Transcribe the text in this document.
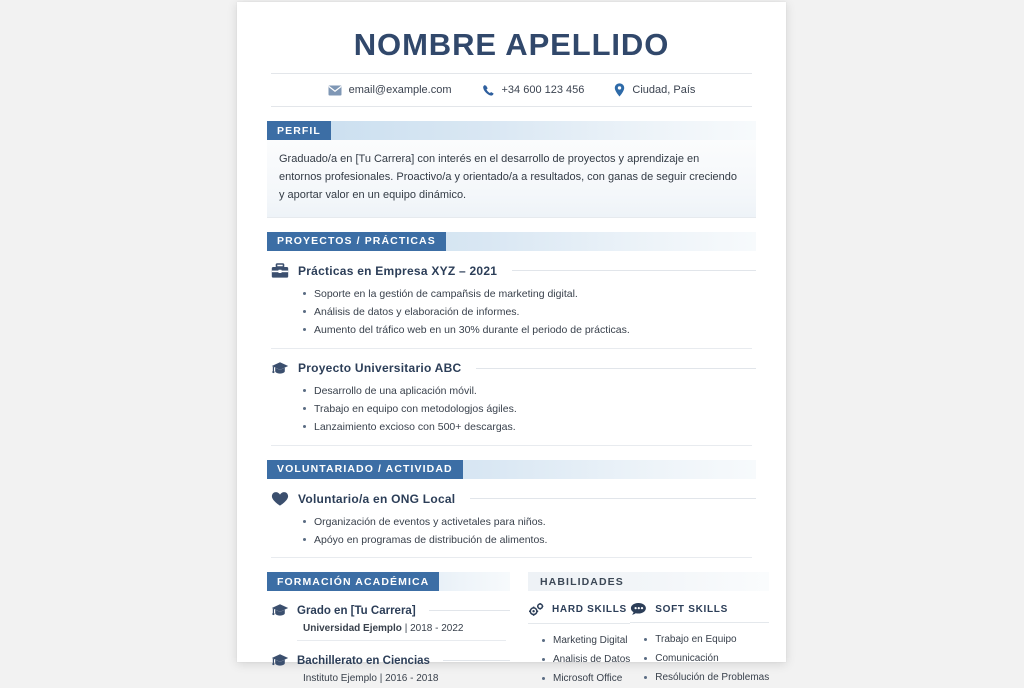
NOMBRE APELLIDO
email@example.com	+34 600 123 456	Ciudad, País
PERFIL
Graduado/a en [Tu Carrera] con interés en el desarrollo de proyectos y aprendizaje en entornos profesionales. Proactivo/a y orientado/a a resultados, con ganas de seguir creciendo y aportar valor en un equipo dinámico.
PROYECTOS / PRÁCTICAS
Prácticas en Empresa XYZ – 2021
Soporte en la gestión de campañsis de marketing digital.
Análisis de datos y elaboración de informes.
Aumento del tráfico web en un 30% durante el periodo de prácticas.
Proyecto Universitario ABC
Desarrollo de una aplicación móvil.
Trabajo en equipo con metodologjos ágiles.
Lanzaimiento excioso con 500+ descargas.
VOLUNTARIADO / ACTIVIDAD
Voluntario/a en ONG Local
Organización de eventos y activetales para niños.
Apóyo en programas de distribución de alimentos.
FORMACIÓN ACADÉMICA
Grado en [Tu Carrera]
Universidad Ejemplo | 2018 - 2022
Bachillerato en Ciencias
Instituto Ejemplo | 2016 - 2018
HABILIDADES
HARD SKILLS
Marketing Digital
Analisis de Datos
Microsoft Office
SOFT SKILLS
Trabajo en Equipo
Comunicación
Resólución de Problemas
